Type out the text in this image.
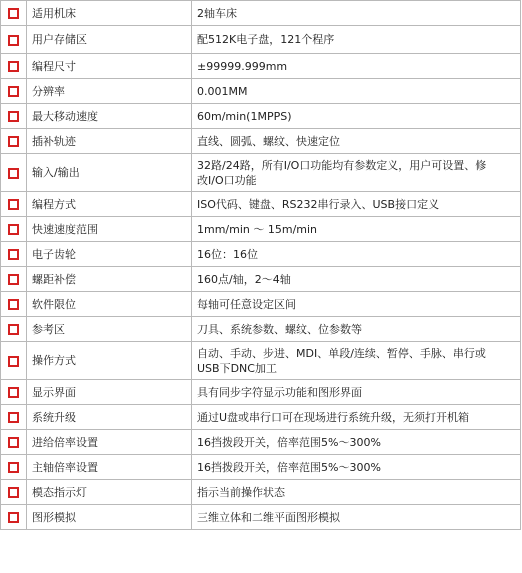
	适用机床	2轴车床
	用户存储区	配512K电子盘，121个程序
	编程尺寸	±99999.999mm
	分辨率	0.001MM
	最大移动速度	60m/min(1MPPS)
	插补轨迹	直线、圆弧、螺纹、快速定位
	输入/输出	32路/24路，所有I/O口功能均有参数定义，用户可设置、修
改I/O口功能
	编程方式	ISO代码、键盘、RS232串行录入、USB接口定义
	快速速度范围	1mm/min ～ 15m/min
	电子齿轮	16位：16位
	螺距补偿	160点/轴，2～4轴
	软件限位	每轴可任意设定区间
	参考区	刀具、系统参数、螺纹、位参数等
	操作方式	自动、手动、步进、MDI、单段/连续、暂停、手脉、串行或
USB下DNC加工
	显示界面	具有同步字符显示功能和图形界面
	系统升级	通过U盘或串行口可在现场进行系统升级，无须打开机箱
	进给倍率设置	16挡拨段开关，倍率范围5%～300%
	主轴倍率设置	16挡拨段开关，倍率范围5%～300%
	模态指示灯	指示当前操作状态
	图形模拟	三维立体和二维平面图形模拟
